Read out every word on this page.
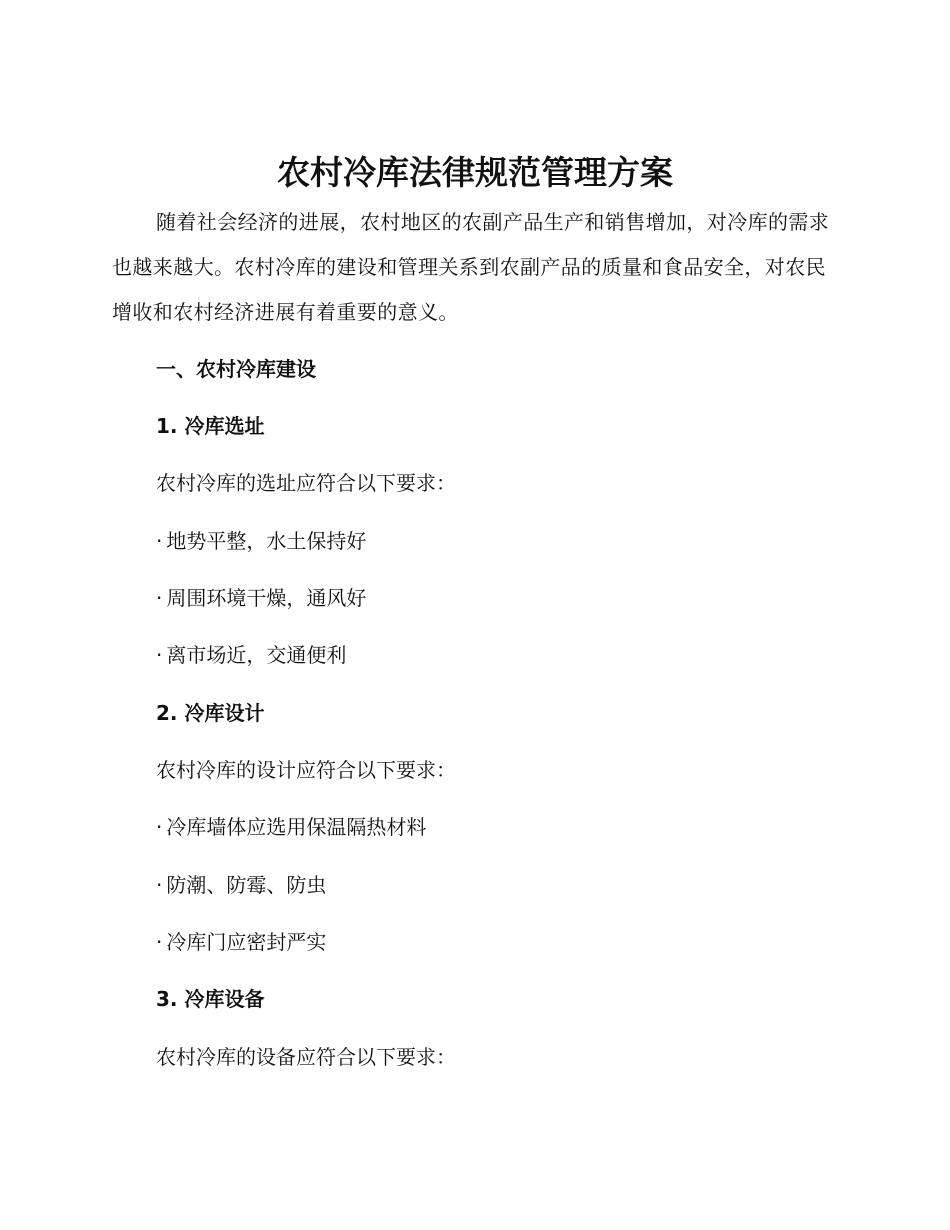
农村冷库法律规范管理方案

随着社会经济的进展，农村地区的农副产品生产和销售增加，对冷库的需求也越来越大。农村冷库的建设和管理关系到农副产品的质量和食品安全，对农民增收和农村经济进展有着重要的意义。

一、农村冷库建设

1. 冷库选址

农村冷库的选址应符合以下要求：

· 地势平整，水土保持好

· 周围环境干燥，通风好

· 离市场近，交通便利

2. 冷库设计

农村冷库的设计应符合以下要求：

· 冷库墙体应选用保温隔热材料

· 防潮、防霉、防虫

· 冷库门应密封严实

3. 冷库设备

农村冷库的设备应符合以下要求：
